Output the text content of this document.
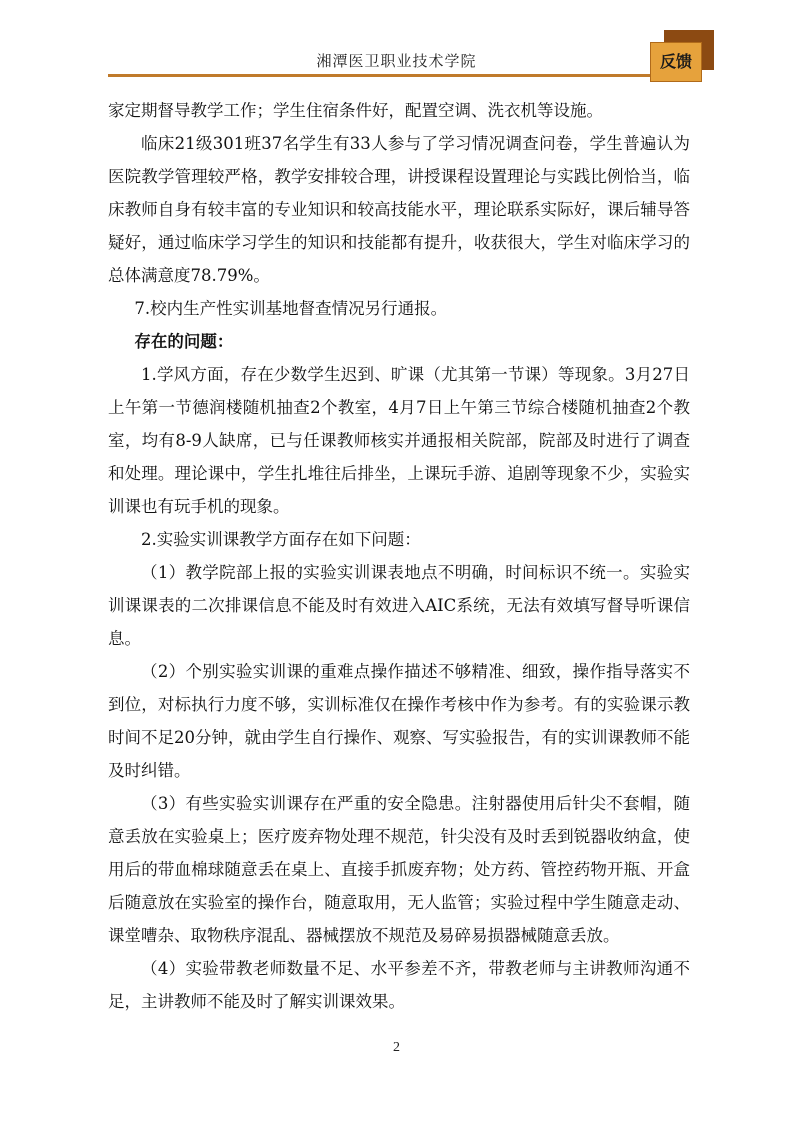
湘潭医卫职业技术学院	反馈

家定期督导教学工作；学生住宿条件好，配置空调、洗衣机等设施。

临床21级301班37名学生有33人参与了学习情况调查问卷，学生普遍认为医院教学管理较严格，教学安排较合理，讲授课程设置理论与实践比例恰当，临床教师自身有较丰富的专业知识和较高技能水平，理论联系实际好，课后辅导答疑好，通过临床学习学生的知识和技能都有提升，收获很大，学生对临床学习的总体满意度78.79%。

7.校内生产性实训基地督查情况另行通报。

存在的问题：

1.学风方面，存在少数学生迟到、旷课（尤其第一节课）等现象。3月27日上午第一节德润楼随机抽查2个教室，4月7日上午第三节综合楼随机抽查2个教室，均有8-9人缺席，已与任课教师核实并通报相关院部，院部及时进行了调查和处理。理论课中，学生扎堆往后排坐，上课玩手游、追剧等现象不少，实验实训课也有玩手机的现象。

2.实验实训课教学方面存在如下问题：

（1）教学院部上报的实验实训课表地点不明确，时间标识不统一。实验实训课课表的二次排课信息不能及时有效进入AIC系统，无法有效填写督导听课信息。

（2）个别实验实训课的重难点操作描述不够精准、细致，操作指导落实不到位，对标执行力度不够，实训标准仅在操作考核中作为参考。有的实验课示教时间不足20分钟，就由学生自行操作、观察、写实验报告，有的实训课教师不能及时纠错。

（3）有些实验实训课存在严重的安全隐患。注射器使用后针尖不套帽，随意丢放在实验桌上；医疗废弃物处理不规范，针尖没有及时丢到锐器收纳盒，使用后的带血棉球随意丢在桌上、直接手抓废弃物；处方药、管控药物开瓶、开盒后随意放在实验室的操作台，随意取用，无人监管；实验过程中学生随意走动、课堂嘈杂、取物秩序混乱、器械摆放不规范及易碎易损器械随意丢放。

（4）实验带教老师数量不足、水平参差不齐，带教老师与主讲教师沟通不足，主讲教师不能及时了解实训课效果。

2
